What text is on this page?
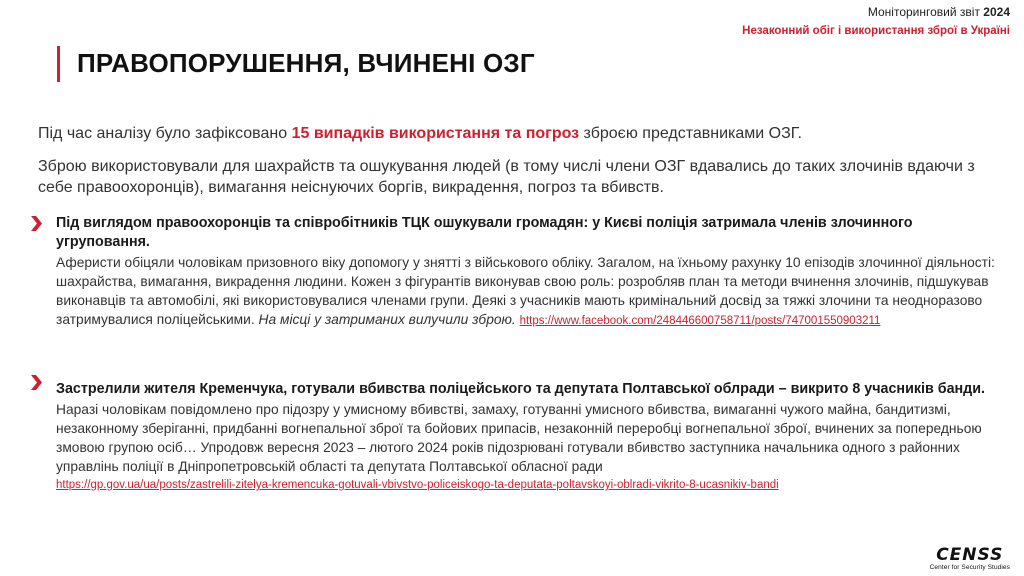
Моніторинговий звіт 2024
Незаконний обіг і використання зброї в Україні
ПРАВОПОРУШЕННЯ, ВЧИНЕНІ ОЗГ
Під час аналізу було зафіксовано 15 випадків використання та погроз зброєю представниками ОЗГ.
Зброю використовували для шахрайств та ошукування людей (в тому числі члени ОЗГ вдавались до таких злочинів вдаючи з себе правоохоронців), вимагання неіснуючих боргів, викрадення, погроз та вбивств.
Під виглядом правоохоронців та співробітників ТЦК ошукували громадян: у Києві поліція затримала членів злочинного угруповання.
Аферисти обіцяли чоловікам призовного віку допомогу у знятті з військового обліку. Загалом, на їхньому рахунку 10 епізодів злочинної діяльності: шахрайства, вимагання, викрадення людини. Кожен з фігурантів виконував свою роль: розробляв план та методи вчинення злочинів, підшукував виконавців та автомобілі, які використовувалися членами групи. Деякі з учасників мають кримінальний досвід за тяжкі злочини та неодноразово затримувалися поліцейськими. На місці у затриманих вилучили зброю. https://www.facebook.com/248446600758711/posts/747001550903211
Застрелили жителя Кременчука, готували вбивства поліцейського та депутата Полтавської облради – викрито 8 учасників банди.
Наразі чоловікам повідомлено про підозру у умисному вбивстві, замаху, готуванні умисного вбивства, вимаганні чужого майна, бандитизмі, незаконному зберіганні, придбанні вогнепальної зброї та бойових припасів, незаконній переробці вогнепальної зброї, вчинених за попередньою змовою групою осіб… Упродовж вересня 2023 – лютого 2024 років підозрювані готували вбивство заступника начальника одного з районних управлінь поліції в Дніпропетровській області та депутата Полтавської обласної ради
https://gp.gov.ua/ua/posts/zastrelili-zitelya-kremencuka-gotuvali-vbivstvo-policeiskogo-ta-deputata-poltavskoyi-oblradi-vikrito-8-ucasnikiv-bandi
CENSS
Center for Security Studies
